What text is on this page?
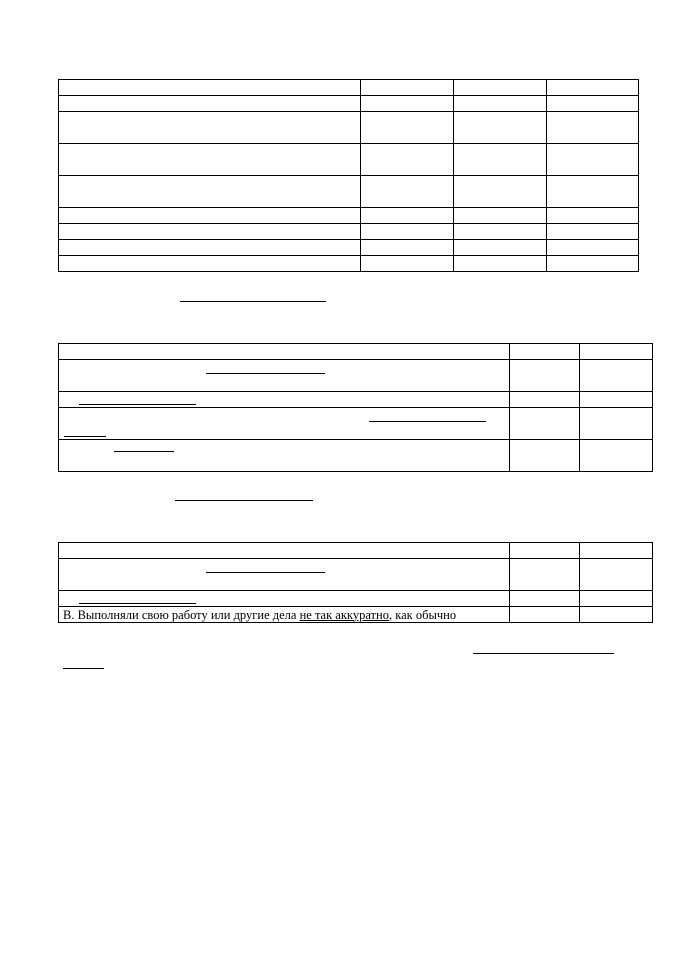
В. Выполняли свою работу или другие дела не так аккуратно, как обычно		
